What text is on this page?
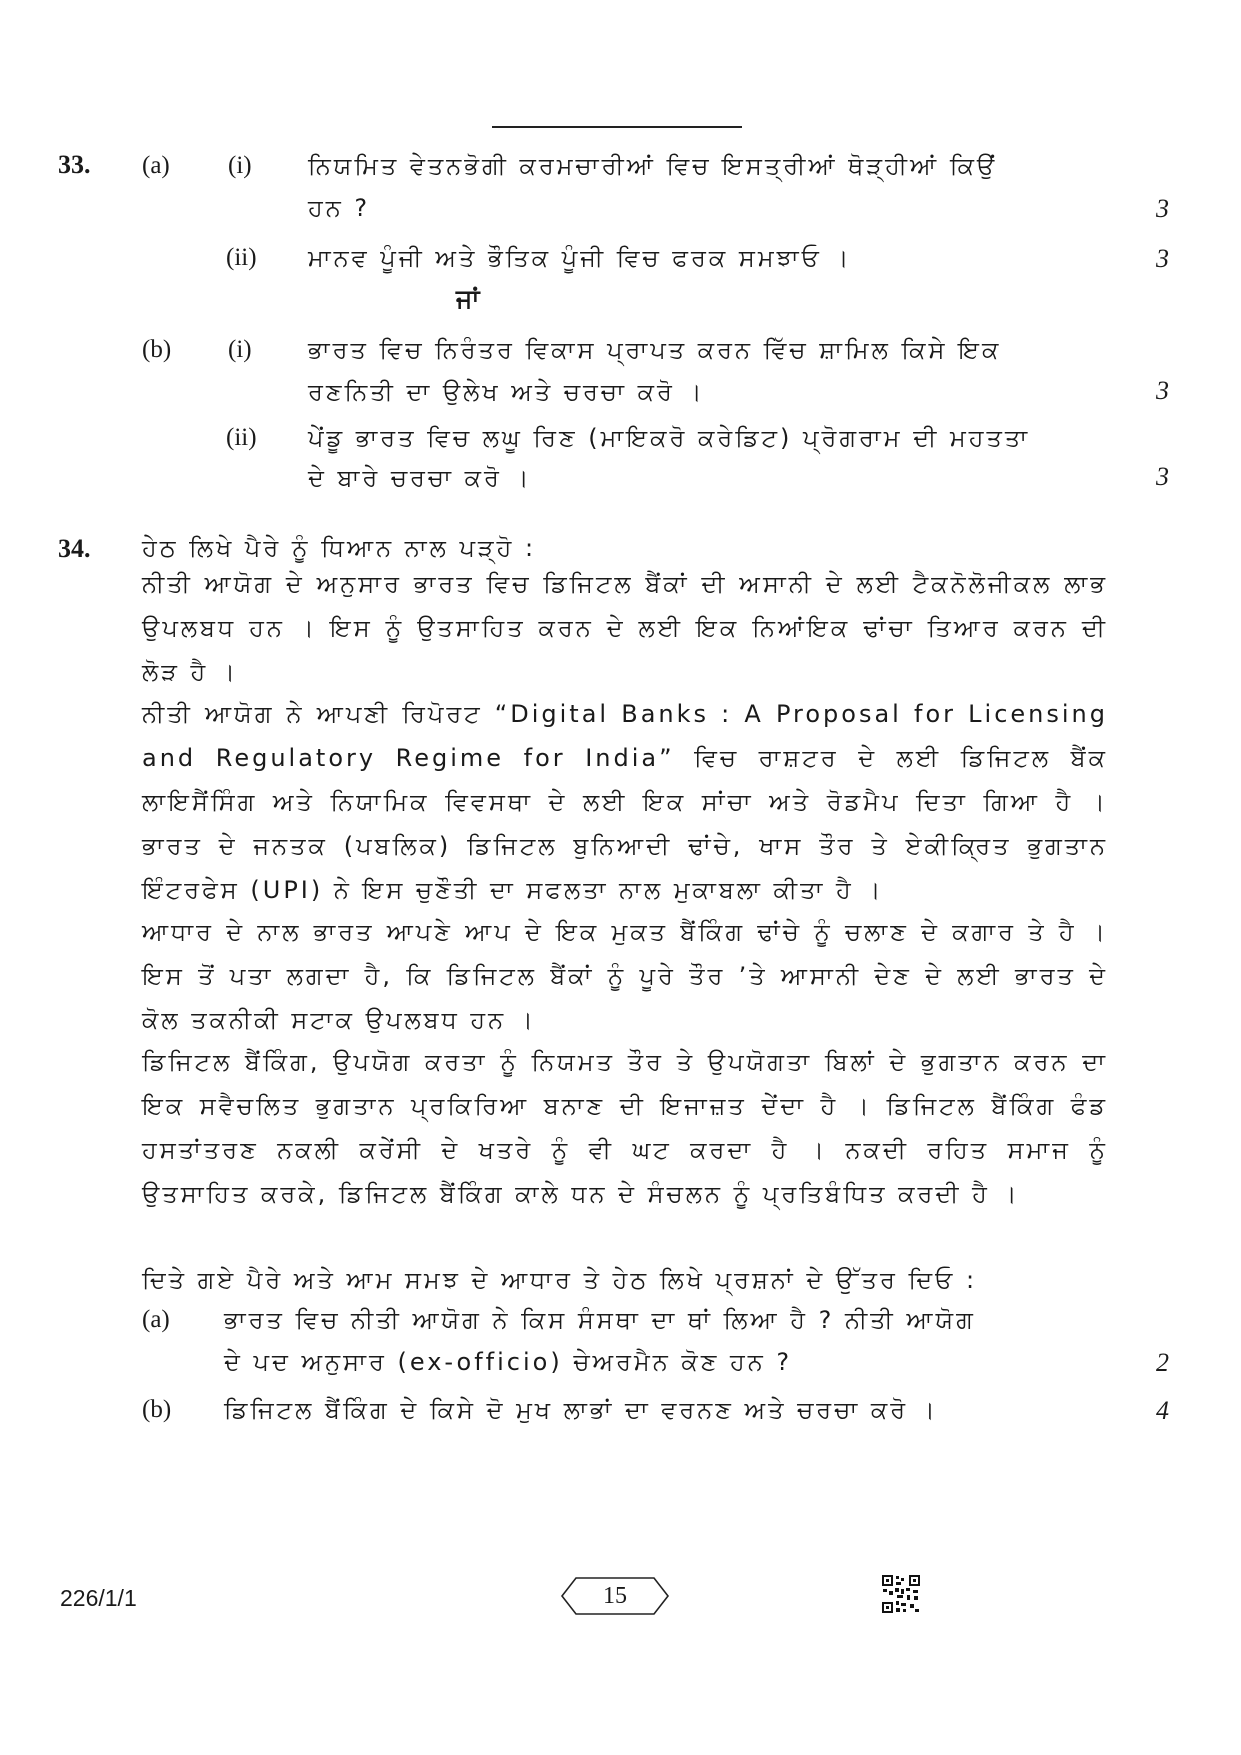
33. (a) (i) ਨਿਯਮਿਤ ਵੇਤਨਭੋਗੀ ਕਰਮਚਾਰੀਆਂ ਵਿਚ ਇਸਤ੍ਰੀਆਂ ਥੋੜ੍ਹੀਆਂ ਕਿਉਂ
ਹਨ ?	3
(ii) ਮਾਨਵ ਪੂੰਜੀ ਅਤੇ ਭੌਤਿਕ ਪੂੰਜੀ ਵਿਚ ਫਰਕ ਸਮਝਾਓ ।	3
ਜਾਂ
(b) (i) ਭਾਰਤ ਵਿਚ ਨਿਰੰਤਰ ਵਿਕਾਸ ਪ੍ਰਾਪਤ ਕਰਨ ਵਿੱਚ ਸ਼ਾਮਿਲ ਕਿਸੇ ਇਕ
ਰਣਨਿਤੀ ਦਾ ਉਲੇਖ ਅਤੇ ਚਰਚਾ ਕਰੋ ।	3
(ii) ਪੇਂਡੂ ਭਾਰਤ ਵਿਚ ਲਘੂ ਰਿਣ (ਮਾਇਕਰੋ ਕਰੇਡਿਟ) ਪ੍ਰੋਗਰਾਮ ਦੀ ਮਹਤਤਾ
ਦੇ ਬਾਰੇ ਚਰਚਾ ਕਰੋ ।	3
34. ਹੇਠ ਲਿਖੇ ਪੈਰੇ ਨੂੰ ਧਿਆਨ ਨਾਲ ਪੜ੍ਹੋ :
ਨੀਤੀ ਆਯੋਗ ਦੇ ਅਨੁਸਾਰ ਭਾਰਤ ਵਿਚ ਡਿਜਿਟਲ ਬੈਂਕਾਂ ਦੀ ਅਸਾਨੀ ਦੇ ਲਈ ਟੈਕਨੋਲੋਜੀਕਲ ਲਾਭ ਉਪਲਬਧ ਹਨ । ਇਸ ਨੂੰ ਉਤਸਾਹਿਤ ਕਰਨ ਦੇ ਲਈ ਇਕ ਨਿਆਂਇਕ ਢਾਂਚਾ ਤਿਆਰ ਕਰਨ ਦੀ ਲੋੜ ਹੈ ।
ਨੀਤੀ ਆਯੋਗ ਨੇ ਆਪਣੀ ਰਿਪੋਰਟ “Digital Banks : A Proposal for Licensing and Regulatory Regime for India” ਵਿਚ ਰਾਸ਼ਟਰ ਦੇ ਲਈ ਡਿਜਿਟਲ ਬੈਂਕ ਲਾਇਸੈਂਸਿੰਗ ਅਤੇ ਨਿਯਾਮਿਕ ਵਿਵਸਥਾ ਦੇ ਲਈ ਇਕ ਸਾਂਚਾ ਅਤੇ ਰੋਡਮੈਪ ਦਿਤਾ ਗਿਆ ਹੈ । ਭਾਰਤ ਦੇ ਜਨਤਕ (ਪਬਲਿਕ) ਡਿਜਿਟਲ ਬੁਨਿਆਦੀ ਢਾਂਚੇ, ਖਾਸ ਤੌਰ ਤੇ ਏਕੀਕ੍ਰਿਤ ਭੁਗਤਾਨ ਇੰਟਰਫੇਸ (UPI) ਨੇ ਇਸ ਚੁਣੌਤੀ ਦਾ ਸਫਲਤਾ ਨਾਲ ਮੁਕਾਬਲਾ ਕੀਤਾ ਹੈ ।
ਆਧਾਰ ਦੇ ਨਾਲ ਭਾਰਤ ਆਪਣੇ ਆਪ ਦੇ ਇਕ ਮੁਕਤ ਬੈਂਕਿੰਗ ਢਾਂਚੇ ਨੂੰ ਚਲਾਣ ਦੇ ਕਗਾਰ ਤੇ ਹੈ । ਇਸ ਤੋਂ ਪਤਾ ਲਗਦਾ ਹੈ, ਕਿ ਡਿਜਿਟਲ ਬੈਂਕਾਂ ਨੂੰ ਪੂਰੇ ਤੌਰ ’ਤੇ ਆਸਾਨੀ ਦੇਣ ਦੇ ਲਈ ਭਾਰਤ ਦੇ ਕੋਲ ਤਕਨੀਕੀ ਸਟਾਕ ਉਪਲਬਧ ਹਨ ।
ਡਿਜਿਟਲ ਬੈਂਕਿੰਗ, ਉਪਯੋਗ ਕਰਤਾ ਨੂੰ ਨਿਯਮਤ ਤੌਰ ਤੇ ਉਪਯੋਗਤਾ ਬਿਲਾਂ ਦੇ ਭੁਗਤਾਨ ਕਰਨ ਦਾ ਇਕ ਸਵੈਚਲਿਤ ਭੁਗਤਾਨ ਪ੍ਰਕਿਰਿਆ ਬਨਾਣ ਦੀ ਇਜਾਜ਼ਤ ਦੇਂਦਾ ਹੈ । ਡਿਜਿਟਲ ਬੈਂਕਿੰਗ ਫੰਡ ਹਸਤਾਂਤਰਣ ਨਕਲੀ ਕਰੇਂਸੀ ਦੇ ਖਤਰੇ ਨੂੰ ਵੀ ਘਟ ਕਰਦਾ ਹੈ । ਨਕਦੀ ਰਹਿਤ ਸਮਾਜ ਨੂੰ ਉਤਸਾਹਿਤ ਕਰਕੇ, ਡਿਜਿਟਲ ਬੈਂਕਿੰਗ ਕਾਲੇ ਧਨ ਦੇ ਸੰਚਲਨ ਨੂੰ ਪ੍ਰਤਿਬੰਧਿਤ ਕਰਦੀ ਹੈ ।
ਦਿਤੇ ਗਏ ਪੈਰੇ ਅਤੇ ਆਮ ਸਮਝ ਦੇ ਆਧਾਰ ਤੇ ਹੇਠ ਲਿਖੇ ਪ੍ਰਸ਼ਨਾਂ ਦੇ ਉੱਤਰ ਦਿਓ :
(a) ਭਾਰਤ ਵਿਚ ਨੀਤੀ ਆਯੋਗ ਨੇ ਕਿਸ ਸੰਸਥਾ ਦਾ ਥਾਂ ਲਿਆ ਹੈ ? ਨੀਤੀ ਆਯੋਗ
ਦੇ ਪਦ ਅਨੁਸਾਰ (ex-officio) ਚੇਅਰਮੈਨ ਕੋਣ ਹਨ ?	2
(b) ਡਿਜਿਟਲ ਬੈਂਕਿੰਗ ਦੇ ਕਿਸੇ ਦੋ ਮੁਖ ਲਾਭਾਂ ਦਾ ਵਰਨਣ ਅਤੇ ਚਰਚਾ ਕਰੋ ।	4
226/1/1	15
